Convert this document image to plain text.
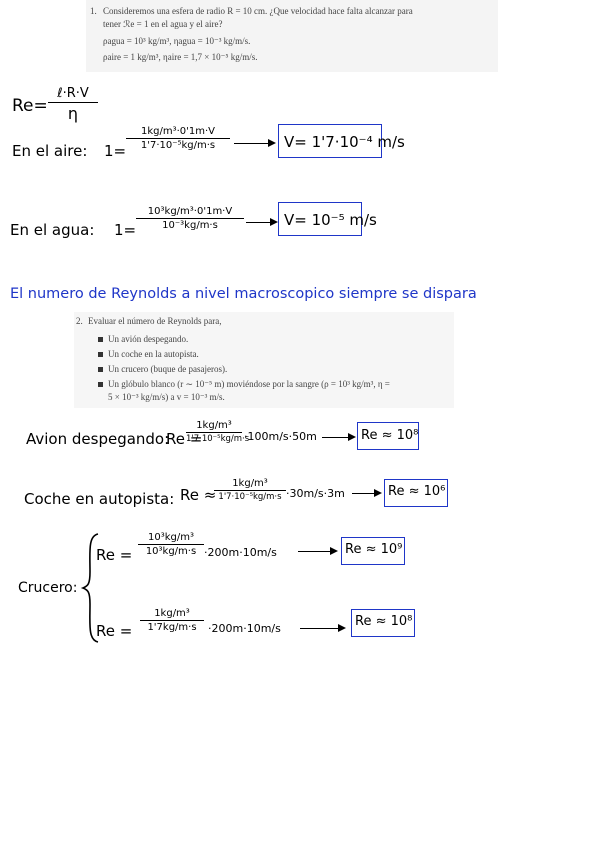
1. Consideremos una esfera de radio R = 10 cm. ¿Que velocidad hace falta alcanzar para
tener ℛe = 1 en el agua y el aire?
ρagua = 10³ kg/m³, ηagua = 10⁻³ kg/m/s.
ρaire = 1 kg/m³, ηaire = 1,7 × 10⁻⁵ kg/m/s.
Re=
ℓ·R·V
η
En el aire: 1=
1kg/m³·0'1m·V
1'7·10⁻⁵kg/m·s	V= 1'7·10⁻⁴ m/s
En el agua: 1=
10³kg/m³·0'1m·V
10⁻³kg/m·s	V= 10⁻⁵ m/s
El numero de Reynolds a nivel macroscopico siempre se dispara
2. Evaluar el número de Reynolds para,
Un avión despegando.
Un coche en la autopista.
Un crucero (buque de pasajeros).
Un glóbulo blanco (r ∼ 10⁻⁵ m) moviéndose por la sangre (ρ = 10³ kg/m³, η =
5 × 10⁻³ kg/m/s) a v = 10⁻³ m/s.
Avion despegando:
Re =
1kg/m³
1'7·10⁻⁵kg/m·s
·100m/s·50m	Re ≈ 10⁸
Coche en autopista: Re ≈
1kg/m³
1'7·10⁻⁵kg/m·s ·30m/s·3m	Re ≈ 10⁶
Crucero:
Re =
10³kg/m³
10³kg/m·s ·200m·10m/s	Re ≈ 10⁹
Re =
1kg/m³
1'7kg/m·s	·200m·10m/s	Re ≈ 10⁸
